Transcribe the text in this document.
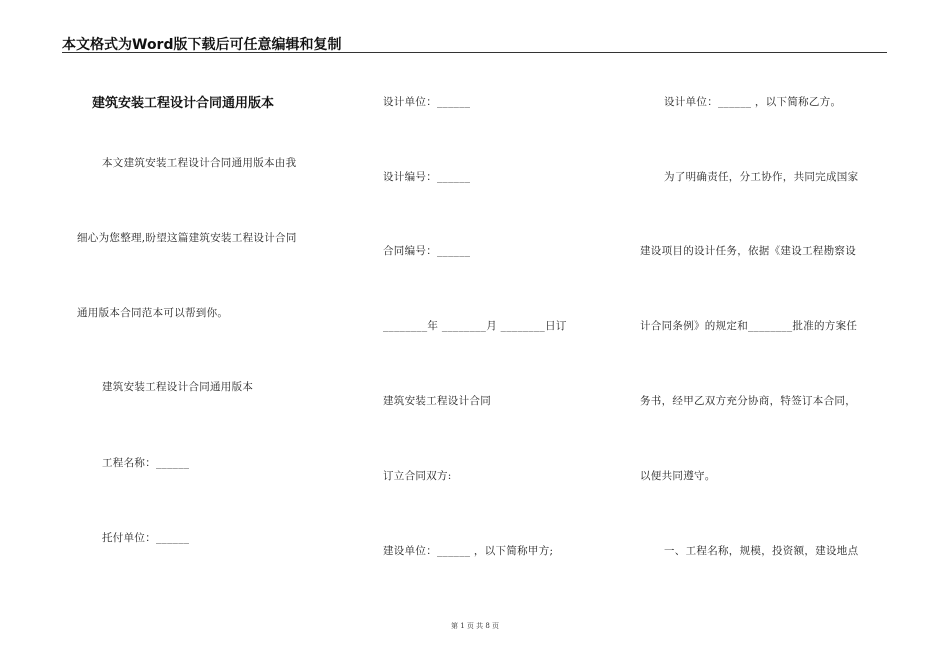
本文格式为Word版下载后可任意编辑和复制
建筑安装工程设计合同通用版本
本文建筑安装工程设计合同通用版本由我
细心为您整理,盼望这篇建筑安装工程设计合同
通用版本合同范本可以帮到你。
建筑安装工程设计合同通用版本
工程名称：______
托付单位：______
设计单位：______
设计编号：______
合同编号：______
________年 ________月 ________日订
建筑安装工程设计合同
订立合同双方:
建设单位：______ ，以下简称甲方;
设计单位：______ ，以下简称乙方。
为了明确责任，分工协作，共同完成国家
建设项目的设计任务，依据《建设工程勘察设
计合同条例》的规定和________批准的方案任
务书，经甲乙双方充分协商，特签订本合同，
以便共同遵守。
一、工程名称，规模，投资额，建设地点
第 1 页 共 8 页
